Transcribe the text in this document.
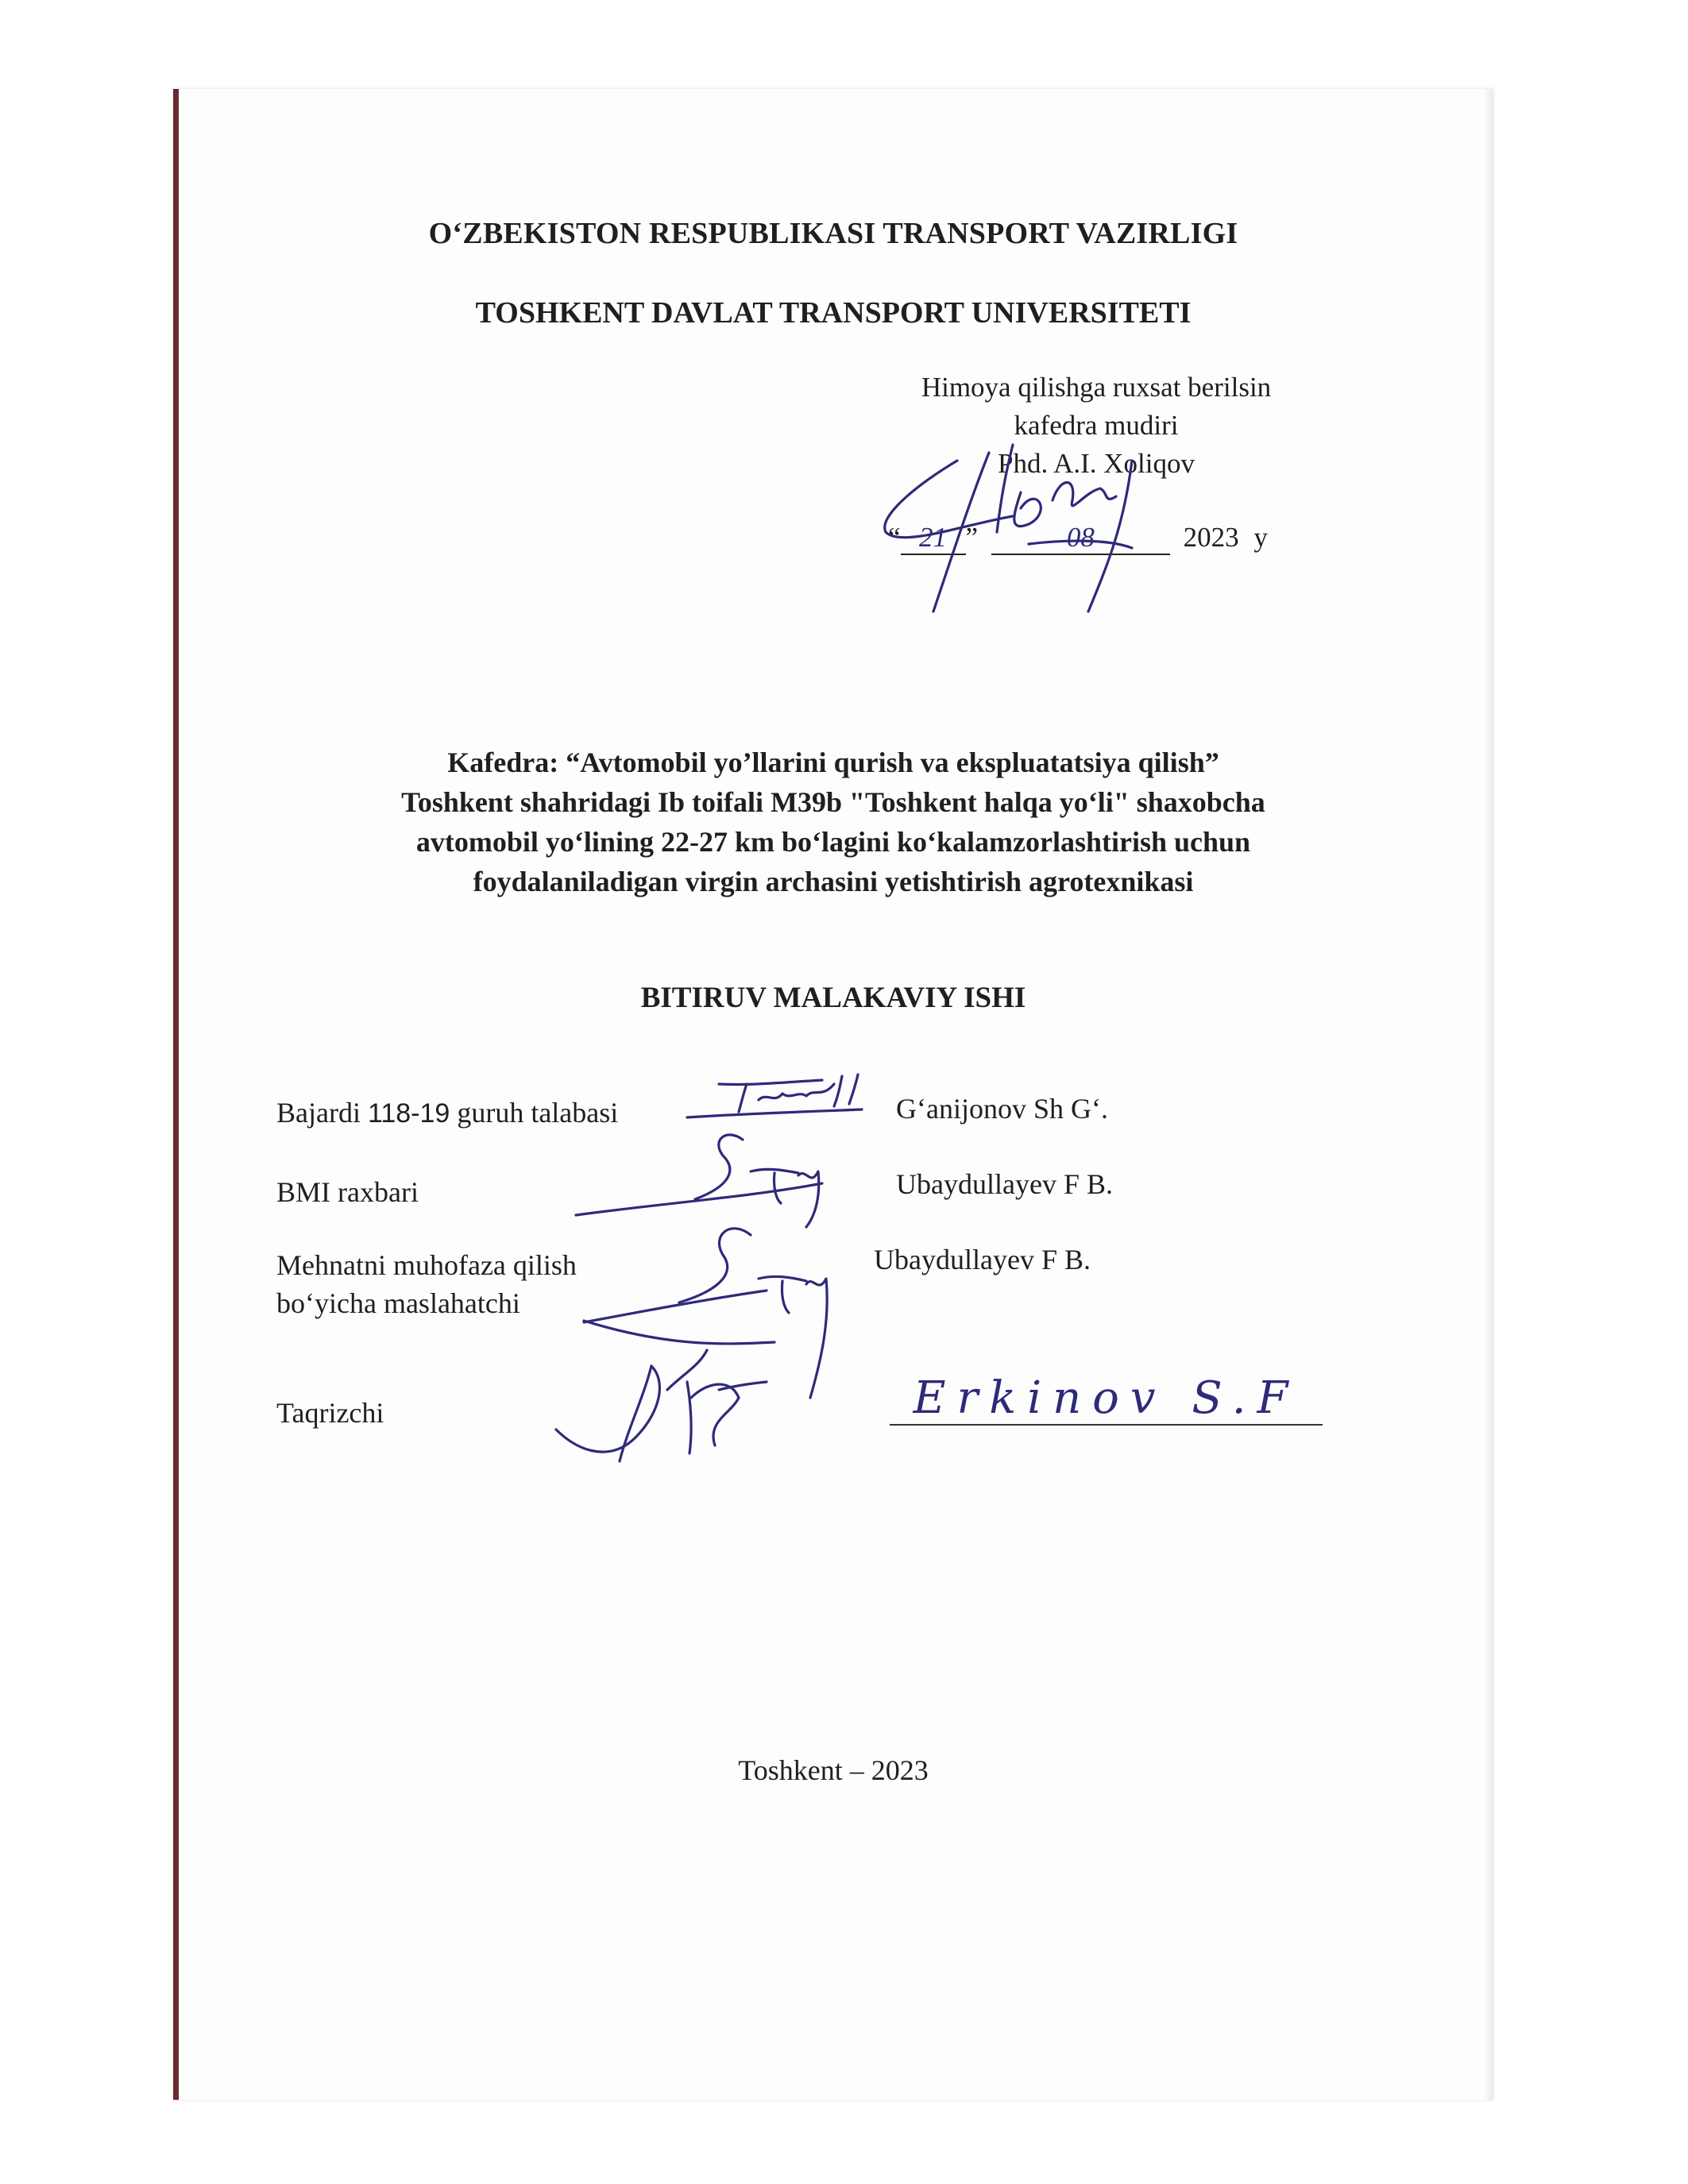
O‘ZBEKISTON RESPUBLIKASI TRANSPORT VAZIRLIGI
TOSHKENT DAVLAT TRANSPORT UNIVERSITETI
Himoya qilishga ruxsat berilsin
kafedra mudiri
Phd. A.I. Xoliqov
“ 21 ”	08	2023 y
Kafedra: “Avtomobil yo’llarini qurish va ekspluatatsiya qilish”
Toshkent shahridagi Ib toifali M39b "Toshkent halqa yo‘li" shaxobcha
avtomobil yo‘lining 22-27 km bo‘lagini ko‘kalamzorlashtirish uchun
foydalaniladigan virgin archasini yetishtirish agrotexnikasi
BITIRUV MALAKAVIY ISHI
Bajardi 118-19 guruh talabasi	G‘anijonov Sh G‘.
BMI raxbari	Ubaydullayev F B.
Mehnatni muhofaza qilish
bo‘yicha maslahatchi
Ubaydullayev F B.
Taqrizchi	Erkinov S.F
Toshkent – 2023
